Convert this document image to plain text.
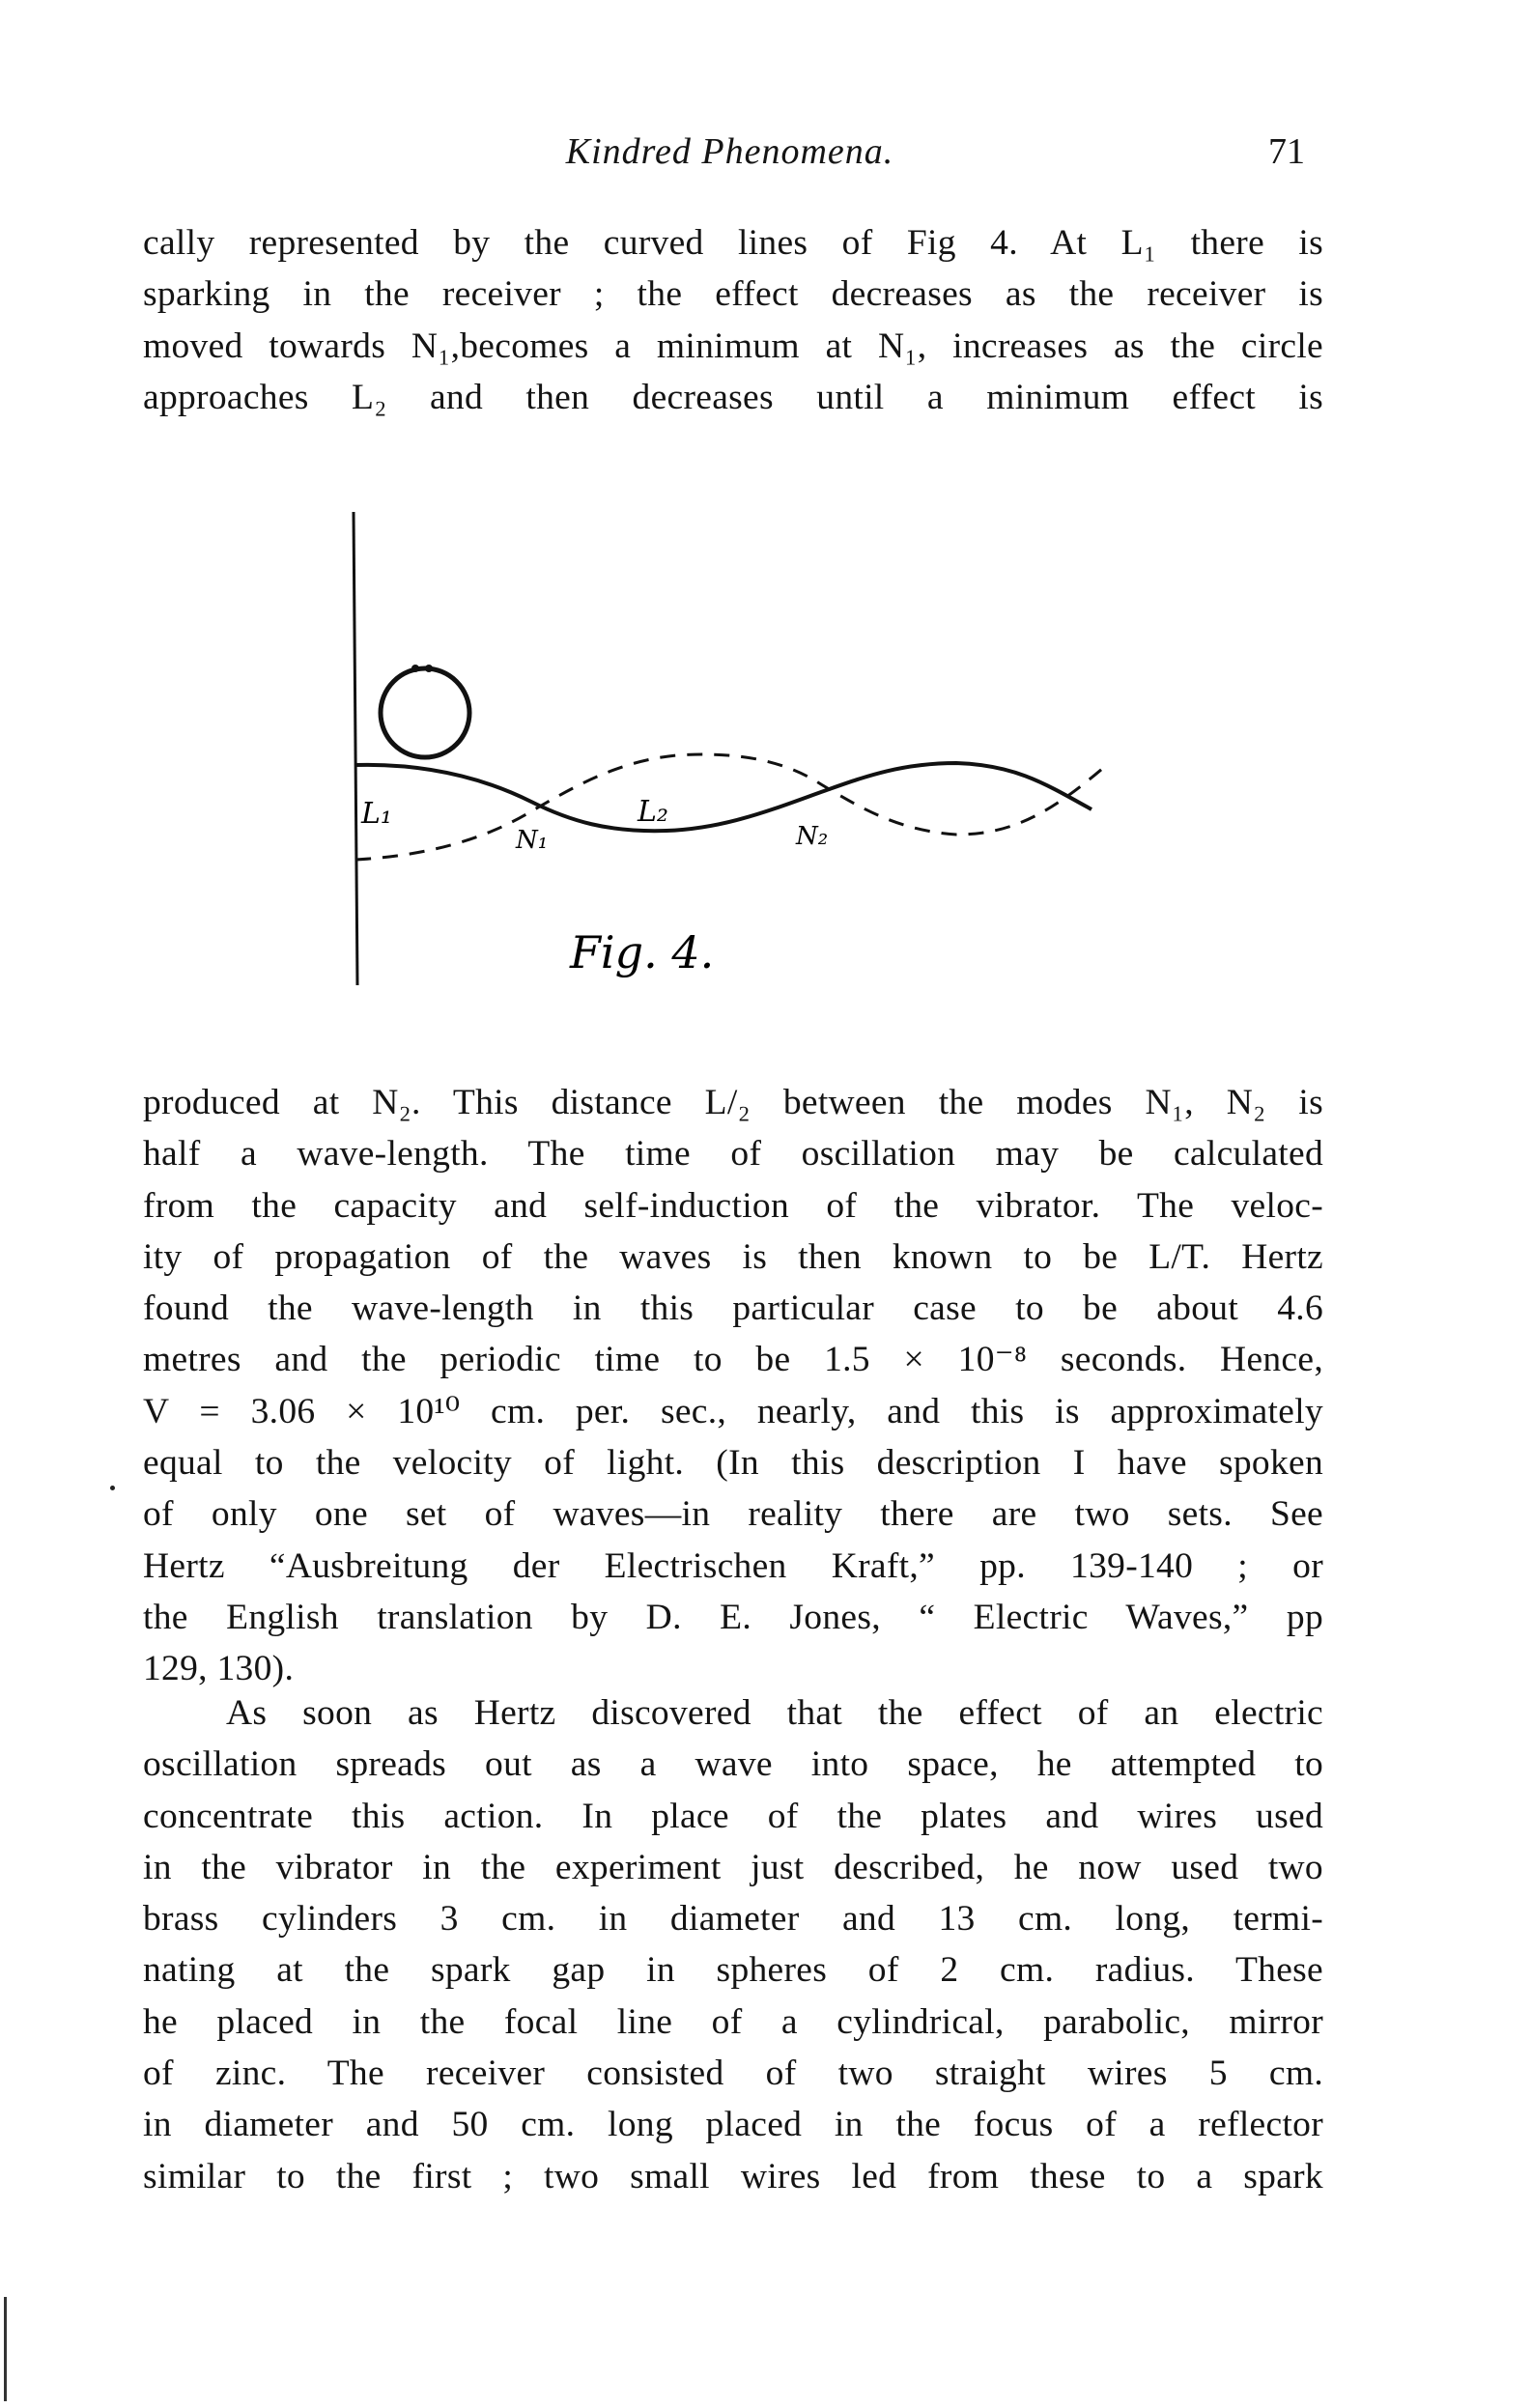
Kindred Phenomena.	71
cally represented by the curved lines of Fig 4. At L₁ there is
sparking in the receiver ; the effect decreases as the receiver is
moved towards N₁,becomes a minimum at N₁, increases as the circle
approaches L₂ and then decreases until a minimum effect is
L₁
N₁
L₂
N₂
Fig. 4.
produced at N₂. This distance L/₂ between the modes N₁, N₂ is
half a wave-length. The time of oscillation may be calculated
from the capacity and self-induction of the vibrator. The veloc-
ity of propagation of the waves is then known to be L/T. Hertz
found the wave-length in this particular case to be about 4.6
metres and the periodic time to be 1.5 × 10⁻⁸ seconds. Hence,
V = 3.06 × 10¹⁰ cm. per. sec., nearly, and this is approximately
equal to the velocity of light. (In this description I have spoken
of only one set of waves—in reality there are two sets. See
Hertz “Ausbreitung der Electrischen Kraft,” pp. 139-140 ; or
the English translation by D. E. Jones, “ Electric Waves,” pp
129, 130).
As soon as Hertz discovered that the effect of an electric
oscillation spreads out as a wave into space, he attempted to
concentrate this action. In place of the plates and wires used
in the vibrator in the experiment just described, he now used two
brass cylinders 3 cm. in diameter and 13 cm. long, termi-
nating at the spark gap in spheres of 2 cm. radius. These
he placed in the focal line of a cylindrical, parabolic, mirror
of zinc. The receiver consisted of two straight wires 5 cm.
in diameter and 50 cm. long placed in the focus of a reflector
similar to the first ; two small wires led from these to a spark
